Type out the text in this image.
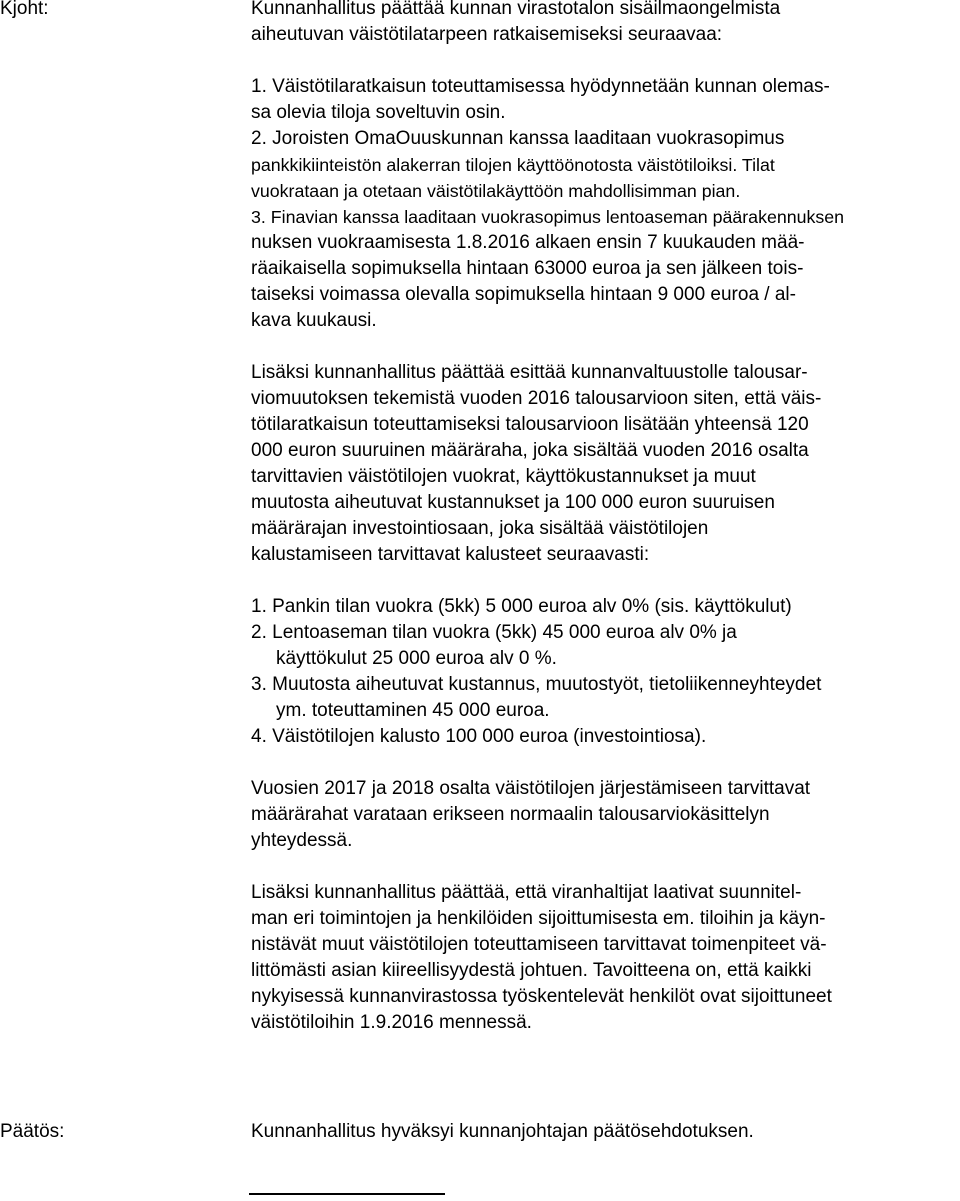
Kjoht:
Päätös:
Kunnanhallitus päättää kunnan virastotalon sisäilmaongelmista
aiheutuvan väistötilatarpeen ratkaisemiseksi seuraavaa:
1. Väistötilaratkaisun toteuttamisessa hyödynnetään kunnan olemas-
sa olevia tiloja soveltuvin osin.
2. Joroisten OmaOuuskunnan kanssa laaditaan vuokrasopimus
pankkikiinteistön alakerran tilojen käyttöönotosta väistötiloiksi. Tilat
vuokrataan ja otetaan väistötilakäyttöön mahdollisimman pian.
3. Finavian kanssa laaditaan vuokrasopimus lentoaseman päärakennuksen
nuksen vuokraamisesta 1.8.2016 alkaen ensin 7 kuukauden mää-
räaikaisella sopimuksella hintaan 63000 euroa ja sen jälkeen tois-
taiseksi voimassa olevalla sopimuksella hintaan 9 000 euroa / al-
kava kuukausi.
Lisäksi kunnanhallitus päättää esittää kunnanvaltuustolle talousar-
viomuutoksen tekemistä vuoden 2016 talousarvioon siten, että väis-
tötilaratkaisun toteuttamiseksi talousarvioon lisätään yhteensä 120
000 euron suuruinen määräraha, joka sisältää vuoden 2016 osalta
tarvittavien väistötilojen vuokrat, käyttökustannukset ja muut
muutosta aiheutuvat kustannukset ja 100 000 euron suuruisen
määrärajan investointiosaan, joka sisältää väistötilojen
kalustamiseen tarvittavat kalusteet seuraavasti:
1. Pankin tilan vuokra (5kk) 5 000 euroa alv 0% (sis. käyttökulut)
2. Lentoaseman tilan vuokra (5kk) 45 000 euroa alv 0% ja
käyttökulut 25 000 euroa alv 0 %.
3. Muutosta aiheutuvat kustannus, muutostyöt, tietoliikenneyhteydet
ym. toteuttaminen 45 000 euroa.
4. Väistötilojen kalusto 100 000 euroa (investointiosa).
Vuosien 2017 ja 2018 osalta väistötilojen järjestämiseen tarvittavat
määrärahat varataan erikseen normaalin talousarviokäsittelyn
yhteydessä.
Lisäksi kunnanhallitus päättää, että viranhaltijat laativat suunnitel-
man eri toimintojen ja henkilöiden sijoittumisesta em. tiloihin ja käyn-
nistävät muut väistötilojen toteuttamiseen tarvittavat toimenpiteet vä-
littömästi asian kiireellisyydestä johtuen. Tavoitteena on, että kaikki
nykyisessä kunnanvirastossa työskentelevät henkilöt ovat sijoittuneet
väistötiloihin 1.9.2016 mennessä.
Kunnanhallitus hyväksyi kunnanjohtajan päätösehdotuksen.
